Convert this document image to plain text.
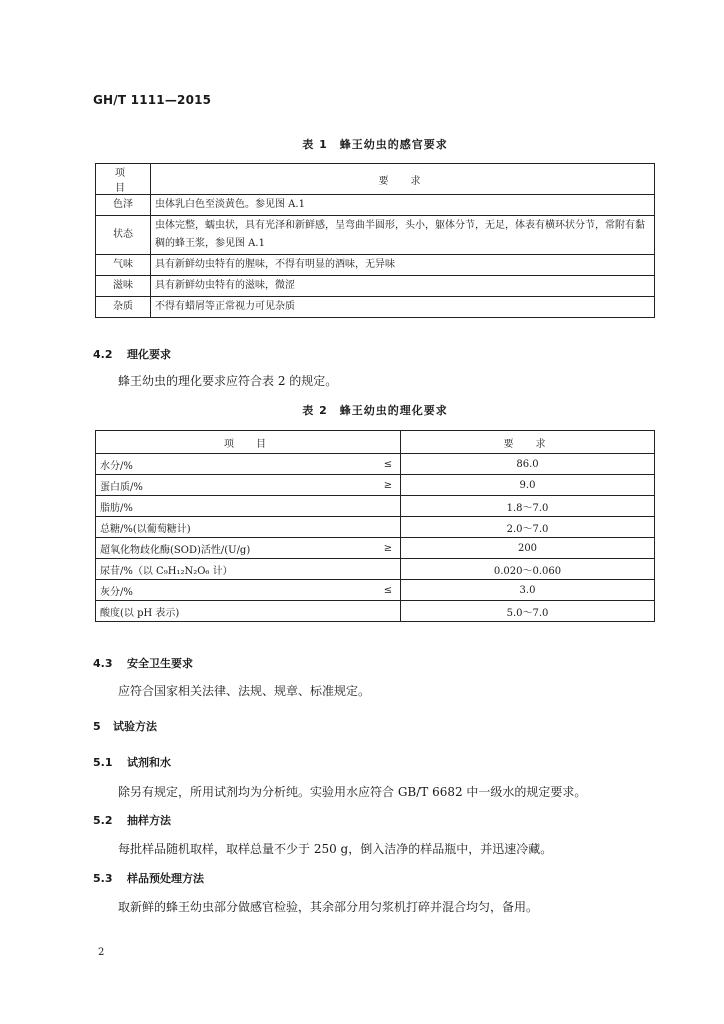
GH/T 1111—2015
表 1　蜂王幼虫的感官要求
项　目	要　求
色泽	虫体乳白色至淡黄色。参见图 A.1
状态	虫体完整，蠕虫状，具有光泽和新鲜感，呈弯曲半圆形，头小，躯体分节，无足，体表有横环状分节，常附有黏稠的蜂王浆，参见图 A.1
气味	具有新鲜幼虫特有的腥味，不得有明显的酒味，无异味
滋味	具有新鲜幼虫特有的滋味，微涩
杂质	不得有蜡屑等正常视力可见杂质
4.2 理化要求
蜂王幼虫的理化要求应符合表 2 的规定。
表 2　蜂王幼虫的理化要求
项　目		要　求
水分/%	≤	86.0
蛋白质/%	≥	9.0
脂肪/%		1.8～7.0
总糖/%(以葡萄糖计)		2.0～7.0
超氧化物歧化酶(SOD)活性/(U/g)	≥	200
尿苷/%（以 C₉H₁₂N₂O₆ 计）		0.020～0.060
灰分/%	≤	3.0
酸度(以 pH 表示)		5.0～7.0
4.3 安全卫生要求
应符合国家相关法律、法规、规章、标准规定。
5 试验方法
5.1 试剂和水
除另有规定，所用试剂均为分析纯。实验用水应符合 GB/T 6682 中一级水的规定要求。
5.2 抽样方法
每批样品随机取样，取样总量不少于 250 g，倒入洁净的样品瓶中，并迅速冷藏。
5.3 样品预处理方法
取新鲜的蜂王幼虫部分做感官检验，其余部分用匀浆机打碎并混合均匀，备用。
2
